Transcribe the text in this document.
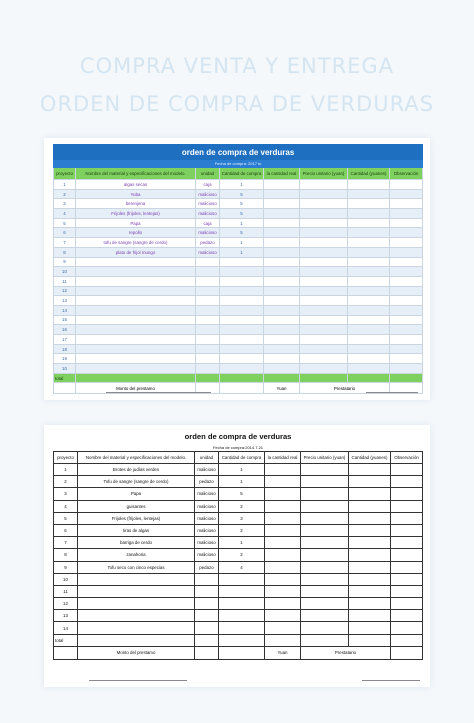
COMPRA VENTA Y ENTREGA
ORDEN DE COMPRA DE VERDURAS
orden de compra de verduras							
Fecha de compra: 2017 to							
proyecto	Nombre del material y especificaciones del modelo.	unidad	Cantidad de compra	la cantidad real	Precio unitario (yuan)	Cantidad (yuanes)	Observación
1	algas secas	caja	1				
2	Yuba	malicioso	5				
3	berenjena	malicioso	5				
4	Frijoles (frijoles, lentejas)	malicioso	5				
5	Papa	caja	1				
6	repollo	malicioso	5				
7	tofu de sangre (sangre de cerdo)	pedazo	1				
8	plato de frijol mungo	malicioso	1				
9							
10							
11							
12							
13							
14							
15							
16							
17							
18							
19							
10							
total							
	Monto del prestamo			Yuan	Prestatario		
orden de compra de verduras							
Fecha de compra:2014.7.21							
proyecto	Nombre del material y especificaciones del modelo.	unidad	Cantidad de compra	la cantidad real	Precio unitario (yuan)	Cantidad (yuanes)	Observación
1	Brotes de judías verdes	malicioso	1				
2	Tofu de sangre (sangre de cerdo)	pedazo	1				
3	Papa	malicioso	5				
4	guisantes	malicioso	2				
5	Frijoles (frijoles, lentejas)	malicioso	3				
6	tiras de algas	malicioso	2				
7	barriga de cerdo	malicioso	1				
8	zanahoria	malicioso	2				
9	Tofu seco con cinco especias	pedazo	4				
10							
11							
12							
13							
14							
total							
	Monto del prestamo			Yuan	Prestatario		
